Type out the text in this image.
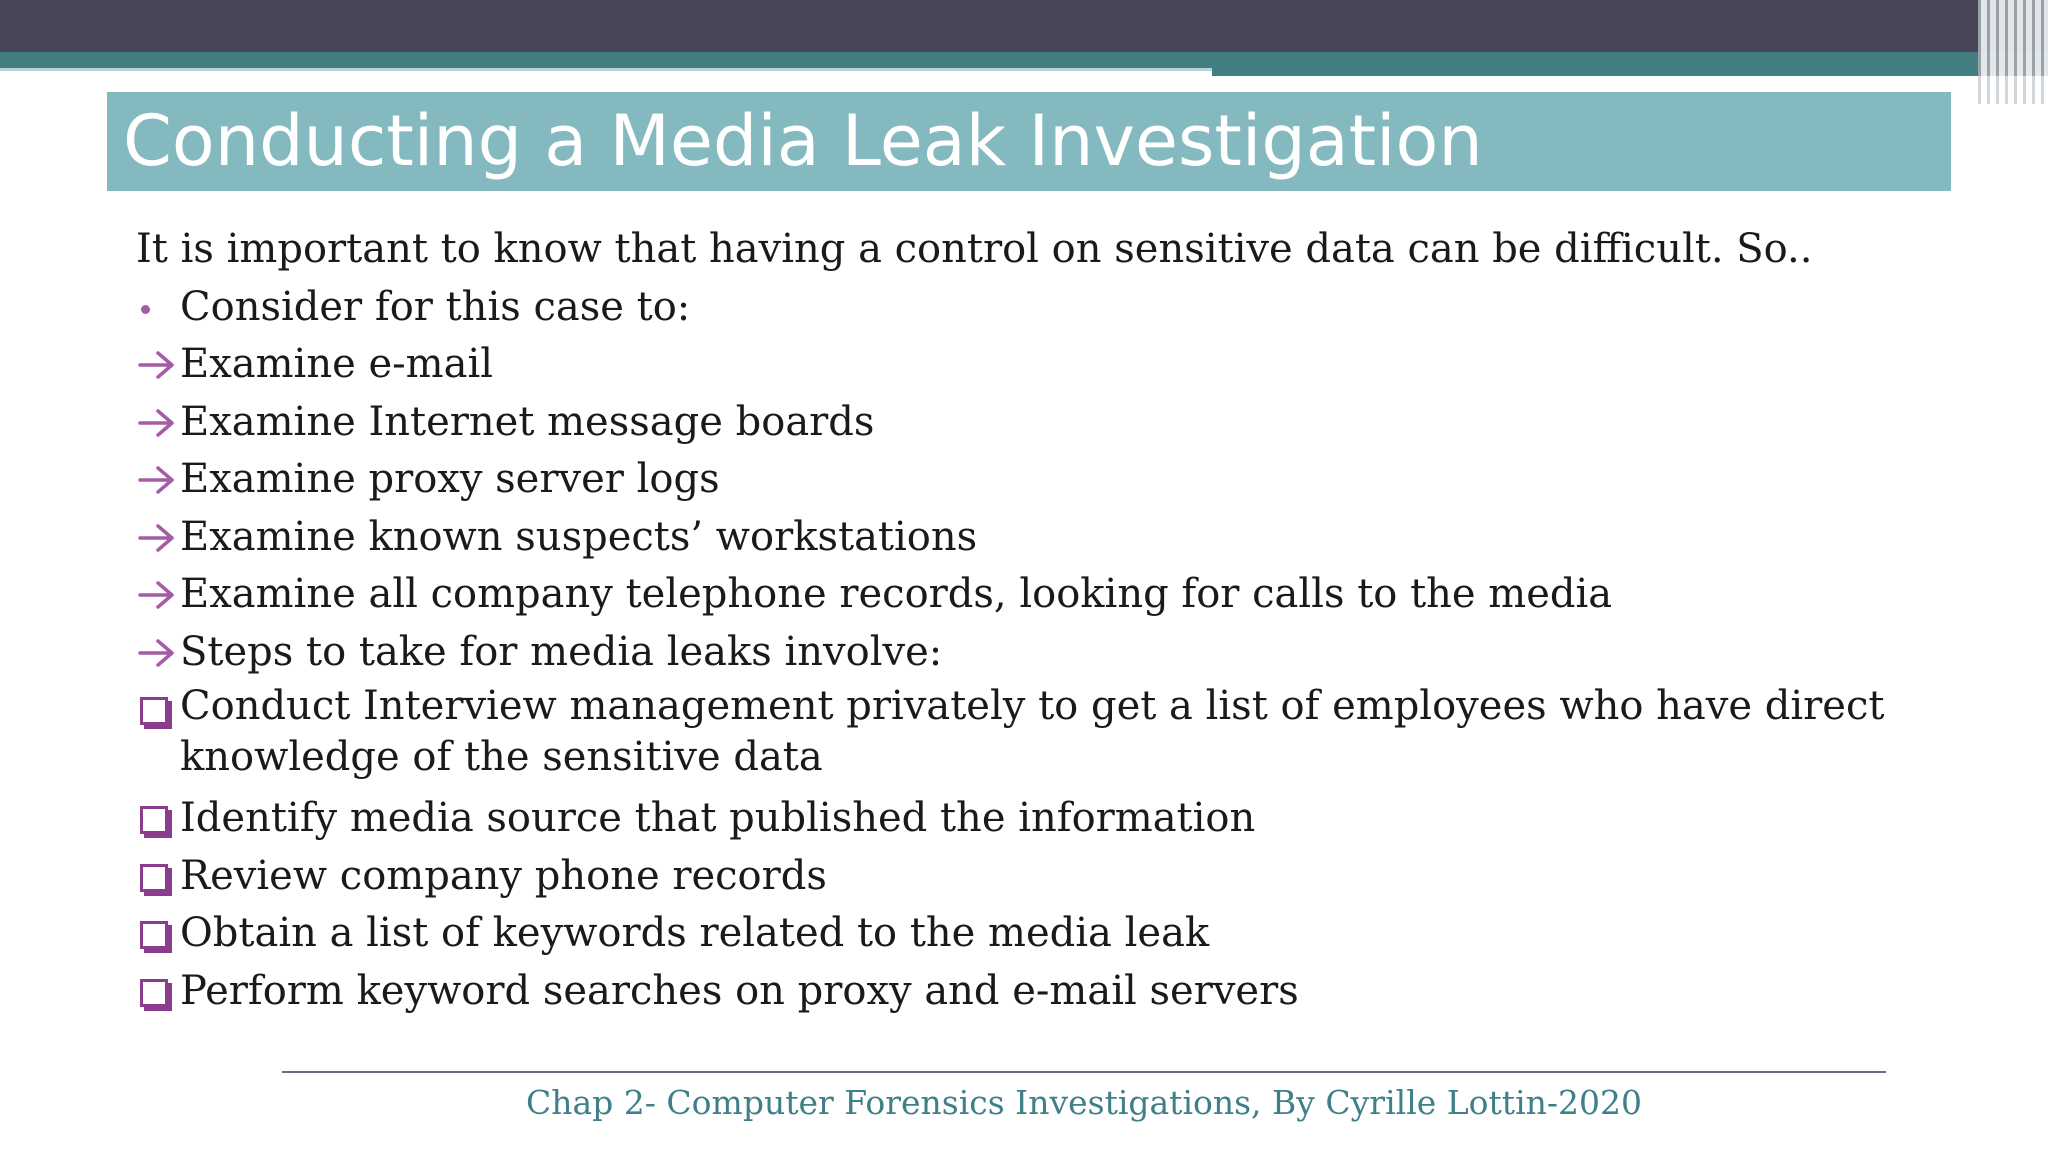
Conducting a Media Leak Investigation
It is important to know that having a control on sensitive data can be difficult. So..
Consider for this case to:
Examine e-mail
Examine Internet message boards
Examine proxy server logs
Examine known suspects’ workstations
Examine all company telephone records, looking for calls to the media
Steps to take for media leaks involve:
Conduct Interview management privately to get a list of employees who have direct knowledge of the sensitive data
Identify media source that published the information
Review company phone records
Obtain a list of keywords related to the media leak
Perform keyword searches on proxy and e-mail servers
Chap 2- Computer Forensics Investigations, By Cyrille Lottin-2020
